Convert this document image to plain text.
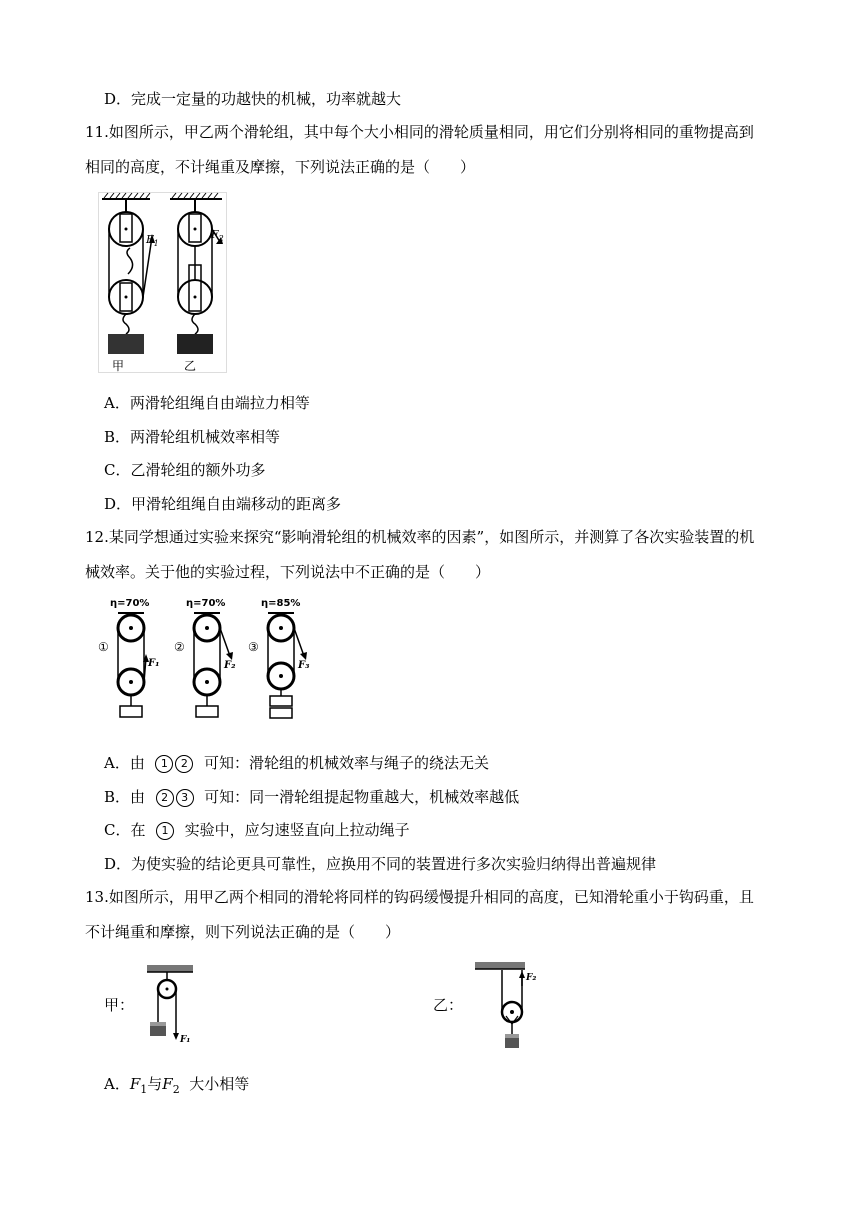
D．完成一定量的功越快的机械，功率就越大
11.如图所示，甲乙两个滑轮组，其中每个大小相同的滑轮质量相同，用它们分别将相同的重物提高到
相同的高度，不计绳重及摩擦，下列说法正确的是（　　）
$F_1$
甲
$F_2$
乙
A．两滑轮组绳自由端拉力相等
B．两滑轮组机械效率相等
C．乙滑轮组的额外功多
D．甲滑轮组绳自由端移动的距离多
12.某同学想通过实验来探究“影响滑轮组的机械效率的因素”，如图所示，并测算了各次实验装置的机
械效率。关于他的实验过程，下列说法中不正确的是（　　）
η=70%	η=70%	η=85%
F₁
①
F₂
②
F₃
③
A．由 1 2 可知：滑轮组的机械效率与绳子的绕法无关
B．由 2 3 可知：同一滑轮组提起物重越大，机械效率越低
C．在 1 实验中，应匀速竖直向上拉动绳子
D．为使实验的结论更具可靠性，应换用不同的装置进行多次实验归纳得出普遍规律
13.如图所示，用甲乙两个相同的滑轮将同样的钩码缓慢提升相同的高度，已知滑轮重小于钩码重，且
不计绳重和摩擦，则下列说法正确的是（　　）
甲：
F₁
乙：
F₂
A．$F_1$与$F_2$ 大小相等
